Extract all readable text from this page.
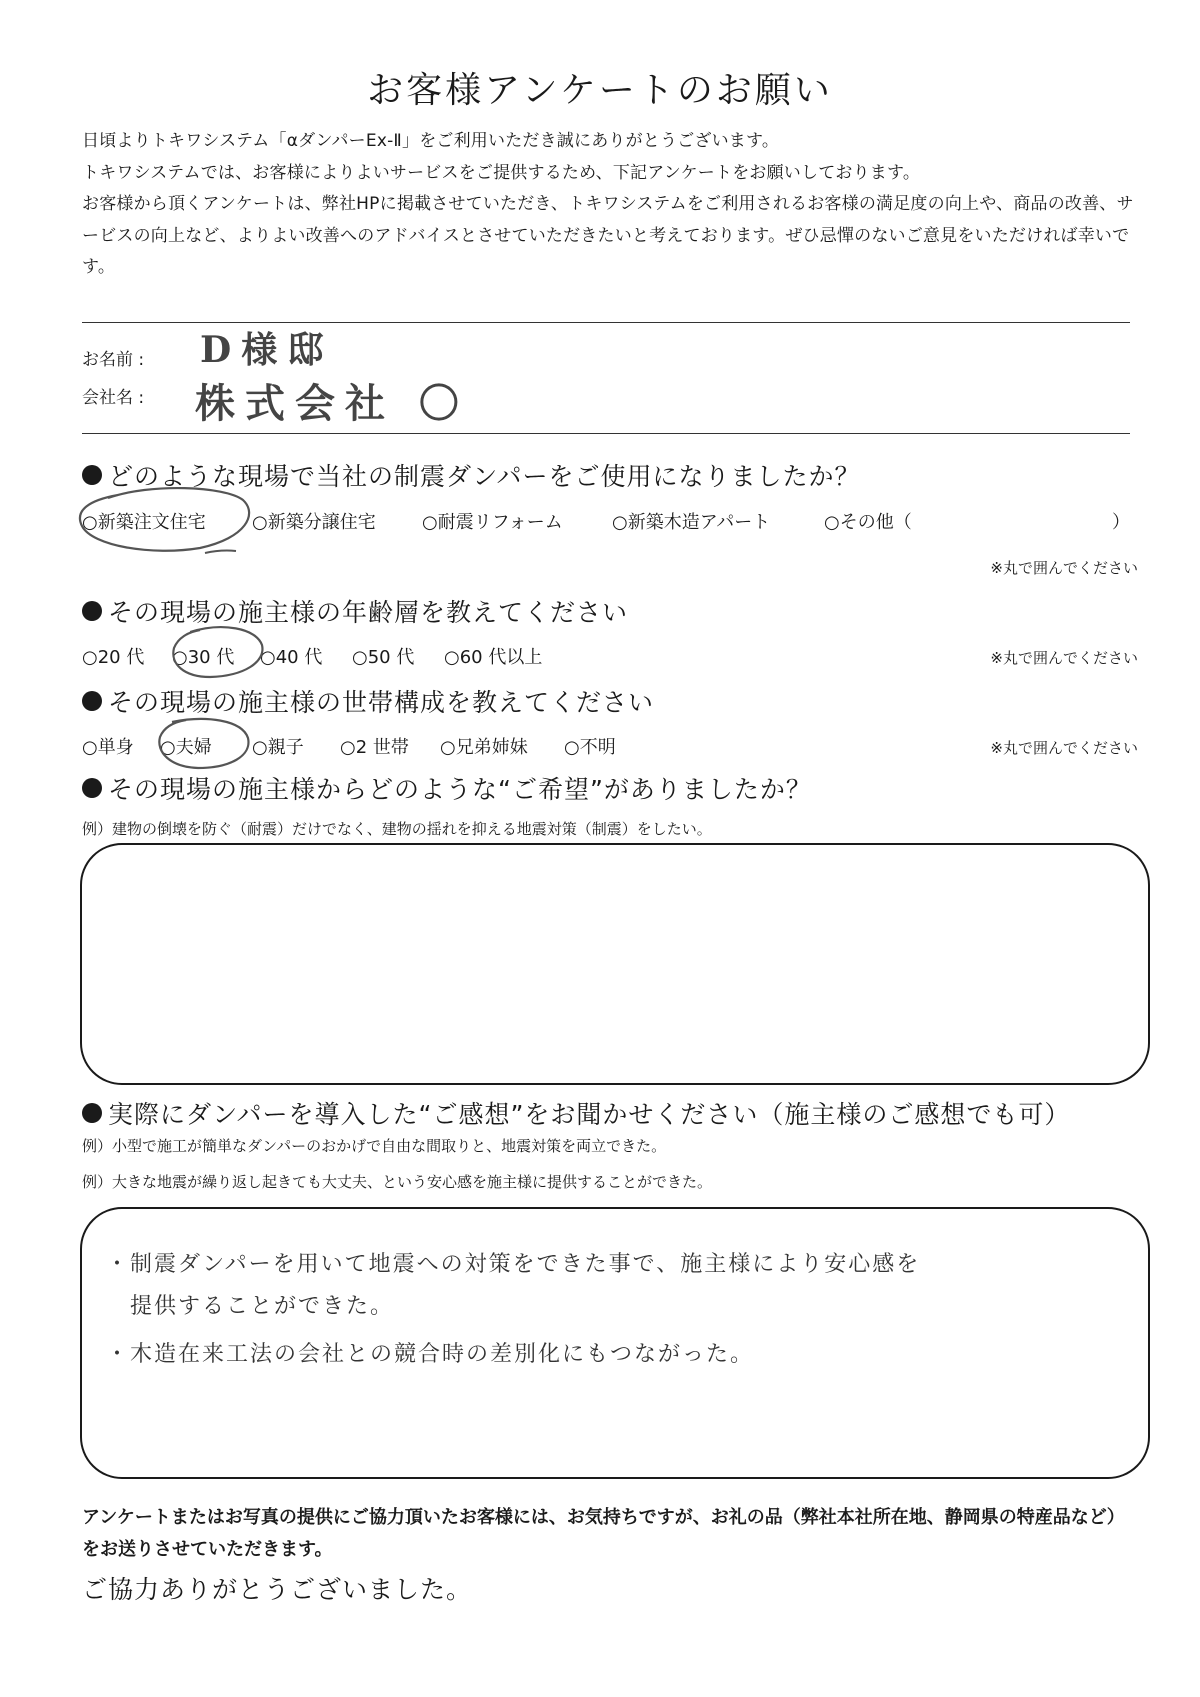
お客様アンケートのお願い

日頃よりトキワシステム「αダンパーEx-Ⅱ」をご利用いただき誠にありがとうございます。

トキワシステムでは、お客様によりよいサービスをご提供するため、下記アンケートをお願いしております。

お客様から頂くアンケートは、弊社HPに掲載させていただき、トキワシステムをご利用されるお客様の満足度の向上や、商品の改善、サービスの向上など、よりよい改善へのアドバイスとさせていただきたいと考えております。ぜひ忌憚のないご意見をいただければ幸いです。

お名前 : D様邸
会社名 : 株式会社 〇
どのような現場で当社の制震ダンパーをご使用になりましたか？
○新築注文住宅	○新築分譲住宅	○耐震リフォーム	○新築木造アパート	○その他（	）
※丸で囲んでください
その現場の施主様の年齢層を教えてください
○20 代 ○30 代 ○40 代 ○50 代 ○60 代以上	※丸で囲んでください
その現場の施主様の世帯構成を教えてください
○単身 ○夫婦 ○親子 ○2 世帯 ○兄弟姉妹 ○不明	※丸で囲んでください
その現場の施主様からどのような“ご希望”がありましたか？
例）建物の倒壊を防ぐ（耐震）だけでなく、建物の揺れを抑える地震対策（制震）をしたい。
実際にダンパーを導入した“ご感想”をお聞かせください（施主様のご感想でも可）
例）小型で施工が簡単なダンパーのおかげで自由な間取りと、地震対策を両立できた。
例）大きな地震が繰り返し起きても大丈夫、という安心感を施主様に提供することができた。
・制震ダンパーを用いて地震への対策をできた事で、施主様により安心感を
　提供することができた。
・木造在来工法の会社との競合時の差別化にもつながった。

アンケートまたはお写真の提供にご協力頂いたお客様には、お気持ちですが、お礼の品（弊社本社所在地、静岡県の特産品など）をお送りさせていただきます。

ご協力ありがとうございました。
